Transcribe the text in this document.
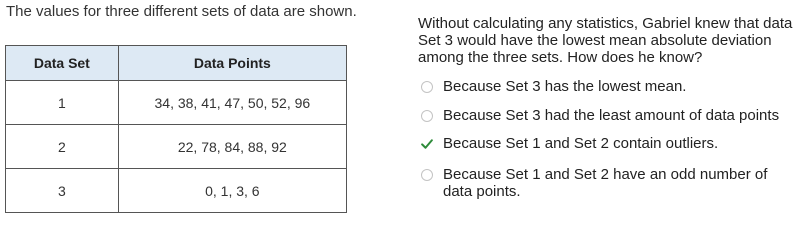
The values for three different sets of data are shown.
Data Set	Data Points
1	34, 38, 41, 47, 50, 52, 96
2	22, 78, 84, 88, 92
3	0, 1, 3, 6
Without calculating any statistics, Gabriel knew that data Set 3 would have the lowest mean absolute deviation among the three sets. How does he know?
Because Set 3 has the lowest mean.
Because Set 3 had the least amount of data points
Because Set 1 and Set 2 contain outliers.
Because Set 1 and Set 2 have an odd number of data points.
